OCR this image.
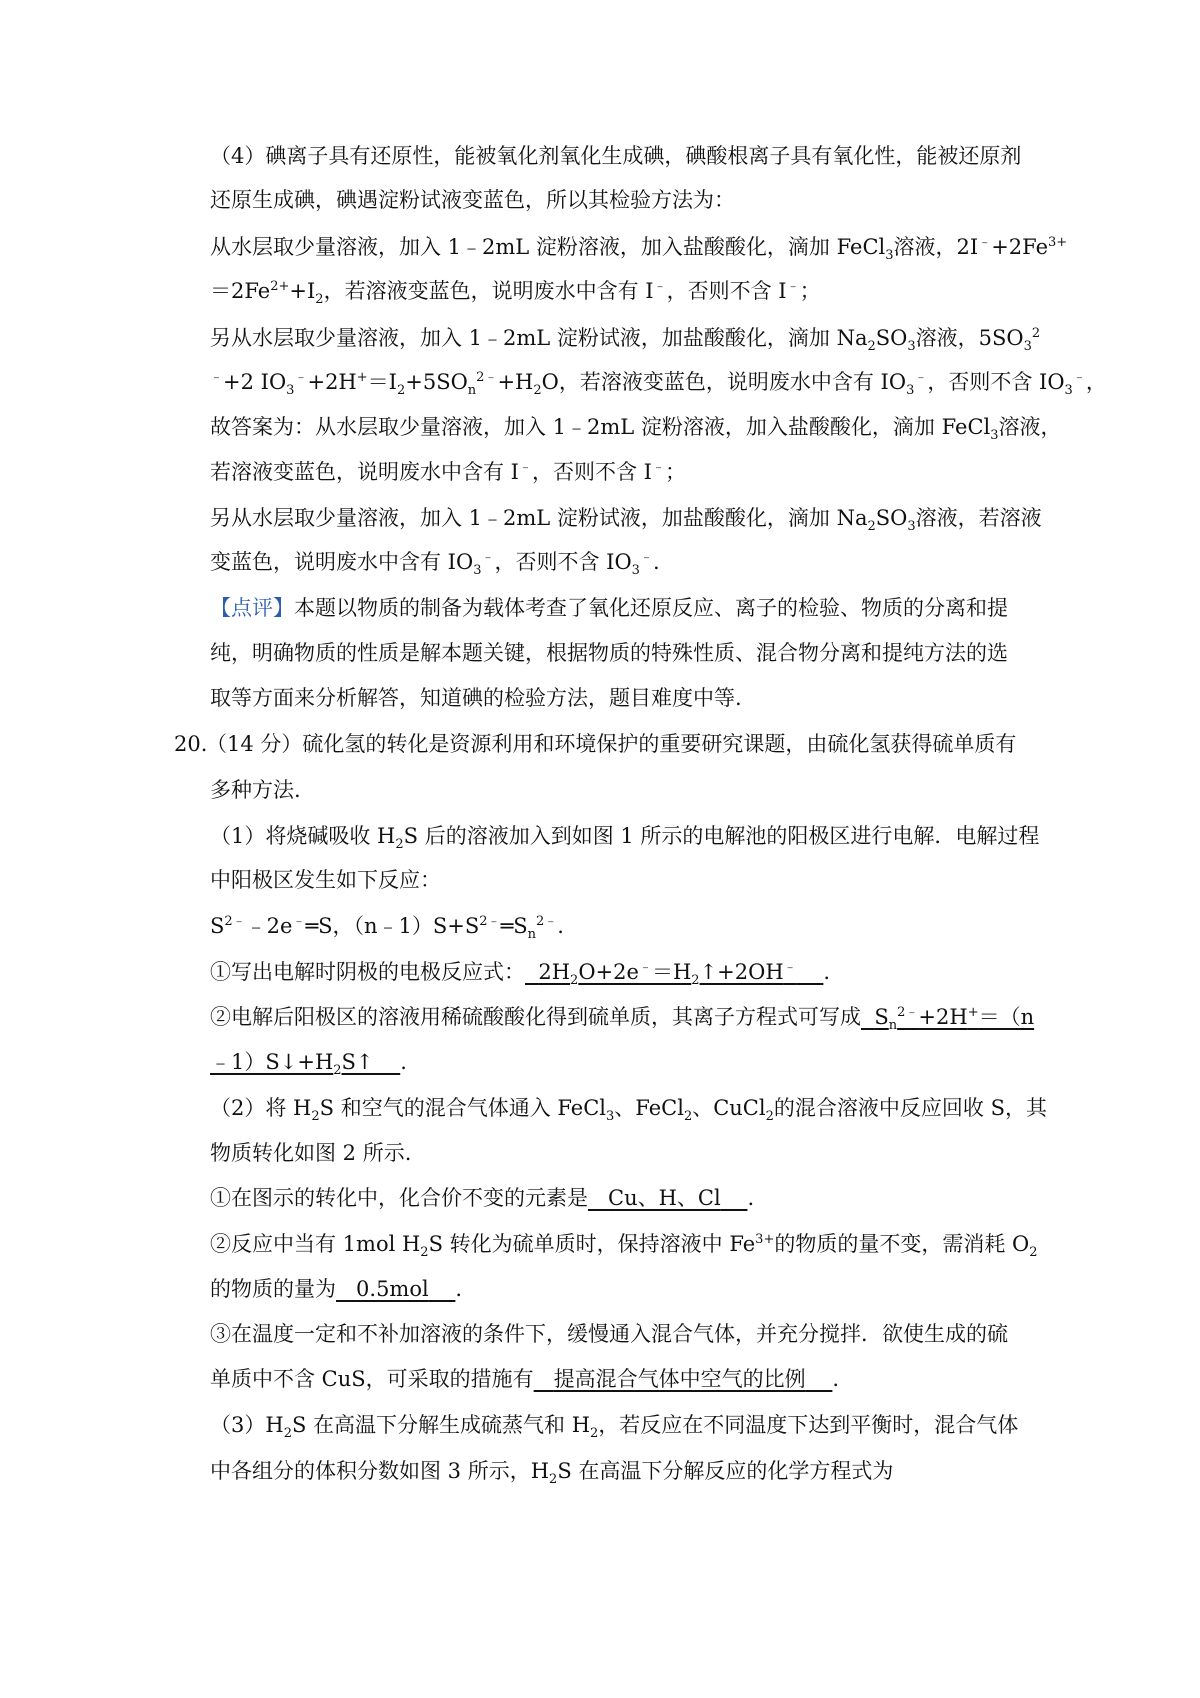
（4）碘离子具有还原性，能被氧化剂氧化生成碘，碘酸根离子具有氧化性，能被还原剂
还原生成碘，碘遇淀粉试液变蓝色，所以其检验方法为：
从水层取少量溶液，加入 1﹣2mL 淀粉溶液，加入盐酸酸化，滴加 FeCl$_3$溶液，$2I^﹣+2Fe^{3+}$
$=2Fe^{2+}+I_2$，若溶液变蓝色，说明废水中含有 I﹣，否则不含 I﹣；
另从水层取少量溶液，加入 1﹣2mL 淀粉试液，加盐酸酸化，滴加 $Na_2SO_3$溶液，$5SO_3^2$
﹣+2 $IO_3^﹣+2H^+=I_2+5SO_n^{2﹣}+H_2O$，若溶液变蓝色，说明废水中含有 $IO_3^﹣$，否则不含 $IO_3^﹣$，
故答案为：从水层取少量溶液，加入 1﹣2mL 淀粉溶液，加入盐酸酸化，滴加 FeCl$_3$溶液，
若溶液变蓝色，说明废水中含有 I﹣，否则不含 I﹣；
另从水层取少量溶液，加入 1﹣2mL 淀粉试液，加盐酸酸化，滴加 $Na_2SO_3$溶液，若溶液
变蓝色，说明废水中含有 $IO_3^﹣$，否则不含 $IO_3^﹣$.
【点评】本题以物质的制备为载体考查了氧化还原反应、离子的检验、物质的分离和提
纯，明确物质的性质是解本题关键，根据物质的特殊性质、混合物分离和提纯方法的选
取等方面来分析解答，知道碘的检验方法，题目难度中等.
20.
（14 分）硫化氢的转化是资源利用和环境保护的重要研究课题，由硫化氢获得硫单质有
多种方法.
（1）将烧碱吸收 $H_2S$ 后的溶液加入到如图 1 所示的电解池的阳极区进行电解．电解过程
中阳极区发生如下反应：
$S^{2﹣}﹣2e^﹣═S$，$(n﹣1)S+S^{2﹣}═S_n^{2﹣}$.
①写出电解时阴极的电极反应式： $2H_2O+2e^﹣=H_2↑+2OH^﹣$ .
②电解后阳极区的溶液用稀硫酸酸化得到硫单质，其离子方程式可写成 $S_n^{2﹣}+2H^+=(n$
$﹣1)S↓+H_2S↑$ .
（2）将 $H_2S$ 和空气的混合气体通入 FeCl$_3$、FeCl$_2$、CuCl$_2$的混合溶液中反应回收 S，其
物质转化如图 2 所示.
①在图示的转化中，化合价不变的元素是 Cu、H、Cl .
②反应中当有 1mol $H_2S$ 转化为硫单质时，保持溶液中 $Fe^{3+}$的物质的量不变，需消耗 $O_2$
的物质的量为 0.5mol .
③在温度一定和不补加溶液的条件下，缓慢通入混合气体，并充分搅拌．欲使生成的硫
单质中不含 CuS，可采取的措施有 提高混合气体中空气的比例 .
$(3)H_2S$ 在高温下分解生成硫蒸气和 $H_2$，若反应在不同温度下达到平衡时，混合气体
中各组分的体积分数如图 3 所示，$H_2S$ 在高温下分解反应的化学方程式为
